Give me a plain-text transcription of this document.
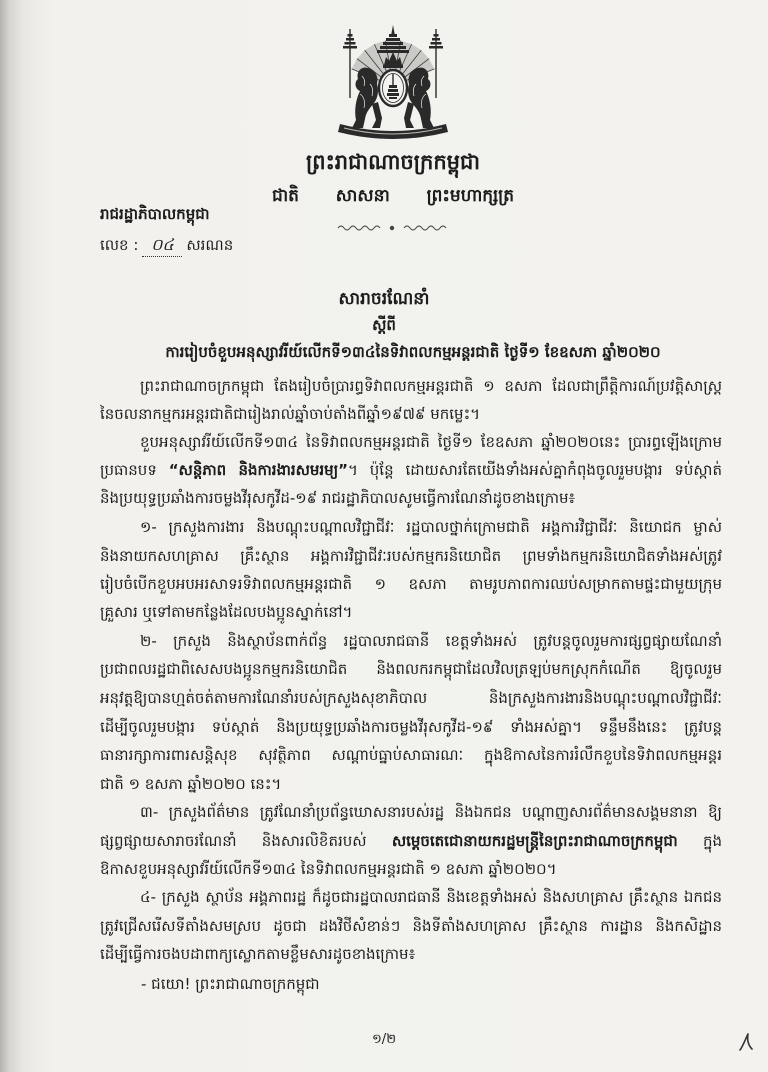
ព្រះរាជាណាចក្រកម្ពុជា
ជាតិ សាសនា ព្រះមហាក្សត្រ
រាជរដ្ឋាភិបាលកម្ពុជា
លេខ : ០៤ សរណន
សារាចរណែនាំ
ស្តីពី
ការរៀបចំខួបអនុស្សាវរីយ៍លើកទី១៣៤នៃទិវាពលកម្មអន្តរជាតិ ថ្ងៃទី១ ខែឧសភា ឆ្នាំ២០២០
ព្រះរាជាណាចក្រកម្ពុជា តែងរៀបចំប្រារព្ធទិវាពលកម្មអន្តរជាតិ ១ ឧសភា ដែលជាព្រឹត្តិការណ៍ប្រវត្តិសាស្ត្រ
នៃចលនាកម្មករអន្តរជាតិជារៀងរាល់ឆ្នាំចាប់តាំងពីឆ្នាំ១៩៧៩ មកម្លេះ។
ខួបអនុស្សាវរីយ៍លើកទី១៣៤ នៃទិវាពលកម្មអន្តរជាតិ ថ្ងៃទី១ ខែឧសភា ឆ្នាំ២០២០នេះ ប្រារព្ធឡើងក្រោម
ប្រធានបទ “សន្តិភាព និងការងារសមរម្យ”។ ប៉ុន្តែ ដោយសារតែយើងទាំងអស់គ្នាកំពុងចូលរួមបង្ការ ទប់ស្កាត់
និងប្រយុទ្ធប្រឆាំងការចម្លងវីរុសកូវីដ-១៩ រាជរដ្ឋាភិបាលសូមធ្វើការណែនាំដូចខាងក្រោម៖
១- ក្រសួងការងារ និងបណ្តុះបណ្តាលវិជ្ជាជីវៈ រដ្ឋបាលថ្នាក់ក្រោមជាតិ អង្គការវិជ្ជាជីវៈ និយោជក ម្ចាស់
និងនាយកសហគ្រាស គ្រឹះស្ថាន អង្គការវិជ្ជាជីវៈរបស់កម្មករនិយោជិត ព្រមទាំងកម្មករនិយោជិតទាំងអស់ត្រូវ
រៀបចំបើកខួបអបអរសាទរទិវាពលកម្មអន្តរជាតិ ១ ឧសភា តាមរូបភាពការឈប់សម្រាកតាមផ្ទះជាមួយក្រុម
គ្រួសារ ឬទៅតាមកន្លែងដែលបងប្អូនស្នាក់នៅ។
២- ក្រសួង និងស្ថាប័នពាក់ព័ន្ធ រដ្ឋបាលរាជធានី ខេត្តទាំងអស់ ត្រូវបន្តចូលរួមការផ្សព្វផ្សាយណែនាំ
ប្រជាពលរដ្ឋជាពិសេសបងប្អូនកម្មករនិយោជិត និងពលករកម្ពុជាដែលវិលត្រឡប់មកស្រុកកំណើត ឱ្យចូលរួម
អនុវត្តឱ្យបានហ្មត់ចត់តាមការណែនាំរបស់ក្រសួងសុខាភិបាល និងក្រសួងការងារនិងបណ្តុះបណ្តាលវិជ្ជាជីវៈ
ដើម្បីចូលរួមបង្ការ ទប់ស្កាត់ និងប្រយុទ្ធប្រឆាំងការចម្លងវីរុសកូវីដ-១៩ ទាំងអស់គ្នា។ ទន្ទឹមនឹងនេះ ត្រូវបន្ត
ធានារក្សាការពារសន្តិសុខ សុវត្ថិភាព សណ្តាប់ធ្នាប់សាធារណៈ ក្នុងឱកាសនៃការរំលឹកខួបនៃទិវាពលកម្មអន្តរ
ជាតិ ១ ឧសភា ឆ្នាំ២០២០ នេះ។
៣- ក្រសួងព័ត៌មាន ត្រូវណែនាំប្រព័ន្ធឃោសនារបស់រដ្ឋ និងឯកជន បណ្តាញសារព័ត៌មានសង្គមនានា ឱ្យ
ផ្សព្វផ្សាយសារាចរណែនាំ និងសារលិខិតរបស់ សម្តេចតេជោនាយករដ្ឋមន្ត្រីនៃព្រះរាជាណាចក្រកម្ពុជា ក្នុង
ឱកាសខួបអនុស្សាវរីយ៍លើកទី១៣៤ នៃទិវាពលកម្មអន្តរជាតិ ១ ឧសភា ឆ្នាំ២០២០។
៤- ក្រសួង ស្ថាប័ន អង្គភាពរដ្ឋ ក៏ដូចជារដ្ឋបាលរាជធានី និងខេត្តទាំងអស់ និងសហគ្រាស គ្រឹះស្ថាន ឯកជន
ត្រូវជ្រើសរើសទីតាំងសមស្រប ដូចជា ដងវិថីសំខាន់ៗ និងទីតាំងសហគ្រាស គ្រឹះស្ថាន ការដ្ឋាន និងកសិដ្ឋាន
ដើម្បីធ្វើការចងបដាពាក្យស្លោកតាមខ្លឹមសារដូចខាងក្រោម៖
- ជយោ! ព្រះរាជាណាចក្រកម្ពុជា
១/២
